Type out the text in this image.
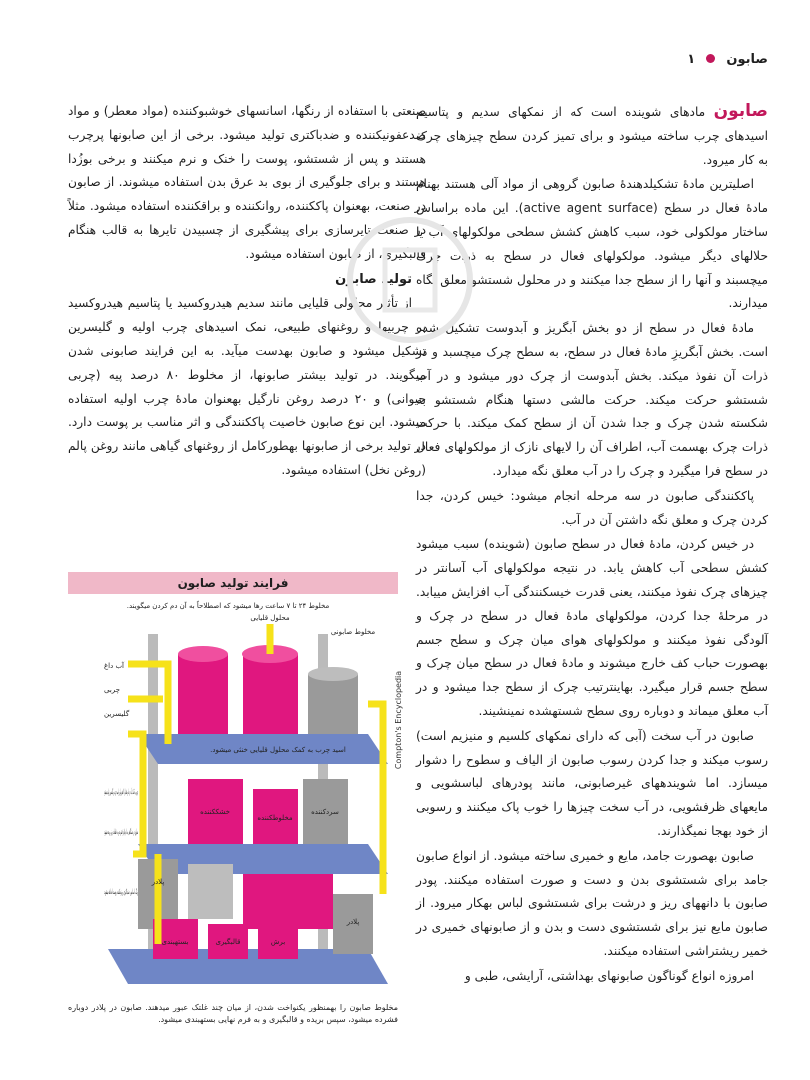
صابون  ۱

صابون مادهای شوینده است که از نمکهای سدیم و پتاسیم اسیدهای چرب ساخته میشود و برای تمیز کردن سطح چیزهای چرک به کار میرود.

اصلیترین مادهٔ تشکیلدهندهٔ صابون گروهی از مواد آلی هستند بهنام مادهٔ فعال در سطح (active agent surface). این ماده براساس ساختار مولکولی خود، سبب کاهش کشش سطحی مولکولهای آب یا حلالهای دیگر میشود. مولکولهای فعال در سطح به ذرات چرک میچسبند و آنها را از سطح جدا میکنند و در محلول شستشو معلق نگاه میدارند.

مادهٔ فعال در سطح از دو بخش آبگریز و آبدوست تشکیل شده است. بخش آبگریزِ مادهٔ فعال در سطح، به سطح چرک میچسبد و در ذرات آن نفوذ میکند. بخش آبدوست از چرک دور میشود و در آب شستشو حرکت میکند. حرکت مالشی دستها هنگام شستشو به شکسته شدن چرک و جدا شدن آن از سطح کمک میکند. با حرکت ذرات چرک بهسمت آب، اطراف آن را لایهای نازک از مولکولهای فعال در سطح فرا میگیرد و چرک را در آب معلق نگه میدارد.

پاککنندگی صابون در سه مرحله انجام میشود: خیس کردن، جدا کردن چرک و معلق نگه داشتن آن در آب.

در خیس کردن، مادهٔ فعال در سطح صابون (شوینده) سبب میشود کشش سطحی آب کاهش یابد. در نتیجه مولکولهای آب آسانتر در چیزهای چرک نفوذ میکنند، یعنی قدرت خیسکنندگی آب افزایش مییابد. در مرحلهٔ جدا کردن، مولکولهای مادهٔ فعال در سطح در چرک و آلودگی نفوذ میکنند و مولکولهای هوای میان چرک و سطح جسم بهصورت حباب کف خارج میشوند و مادهٔ فعال در سطح میان چرک و سطح جسم قرار میگیرد. بهاینترتیب چرک از سطح جدا میشود و در آب معلق میماند و دوباره روی سطح شستهشده نمینشیند.

صابون در آب سخت (آبی که دارای نمکهای کلسیم و منیزیم است) رسوب میکند و جدا کردن رسوب صابون از الیاف و سطوح را دشوار میسازد. اما شویندههای غیرصابونی، مانند پودرهای لباسشویی و مایعهای ظرفشویی، در آب سخت چیزها را خوب پاک میکنند و رسوبی از خود بهجا نمیگذارند.

صابون بهصورت جامد، مایع و خمیری ساخته میشود. از انواع صابون جامد برای شستشوی بدن و دست و صورت استفاده میکنند. پودر صابون با دانههای ریز و درشت برای شستشوی لباس بهکار میرود. از صابون مایع نیز برای شستشوی دست و بدن و از صابونهای خمیری در خمیر ریشتراشی استفاده میکنند.

امروزه انواع گوناگون صابونهای بهداشتی، آرایشی، طبی و

صنعتی با استفاده از رنگها، اسانسهای خوشبوکننده (مواد معطر) و مواد ضدعفونیکننده و ضدباکتری تولید میشود. برخی از این صابونها پرچرب هستند و پس از شستشو، پوست را خنک و نرم میکنند و برخی بوزُدا هستند و برای جلوگیری از بوی بد عرق بدن استفاده میشوند. از صابون در صنعت، بهعنوان پاککننده، روانکننده و براقکننده استفاده میشود. مثلاً در صنعت تایرسازی برای پیشگیری از چسبیدن تایرها به قالب هنگام قالبگیری، از صابون استفاده میشود.

تولید صابون

از تأثیر محلولی قلیایی مانند سدیم هیدروکسید یا پتاسیم هیدروکسید بر چربیها و روغنهای طبیعی، نمک اسیدهای چرب اولیه و گلیسرین تشکیل میشود و صابون بهدست میآید. به این فرایند صابونی شدن میگویند. در تولید بیشتر صابونها، از مخلوط ۸۰ درصد پیه (چربی حیوانی) و ۲۰ درصد روغن نارگیل بهعنوان مادهٔ چرب اولیه استفاده میشود. این نوع صابون خاصیت پاککنندگی و اثر مناسب بر پوست دارد. در تولید برخی از صابونها بهطورکامل از روغنهای گیاهی مانند روغن پالم (روغن نخل) استفاده میشود.

فرایند تولید صابون
مخلوط ۲۴ تا ۷ ساعت رها میشود که اصطلاحاً به آن دم کردن میگویند.
محلول قلیایی
مخلوط صابونی
آب داغ
چربی
گلیسرین
اسید چرب به کمک محلول قلیایی خنثی میشود.
خشککننده
مخلوطکننده
سردکننده
پلادر
پلادر
بستهبندی	قالبگیری	برش
Compton's Encyclopedia
مخلوط صابون را بهمنظور یکنواخت شدن، از میان چند غلتک عبور میدهند. صابون در پلادر دوباره فشرده میشود، سپس بریده و قالبگیری و به فرم نهایی بستهبندی میشود.
